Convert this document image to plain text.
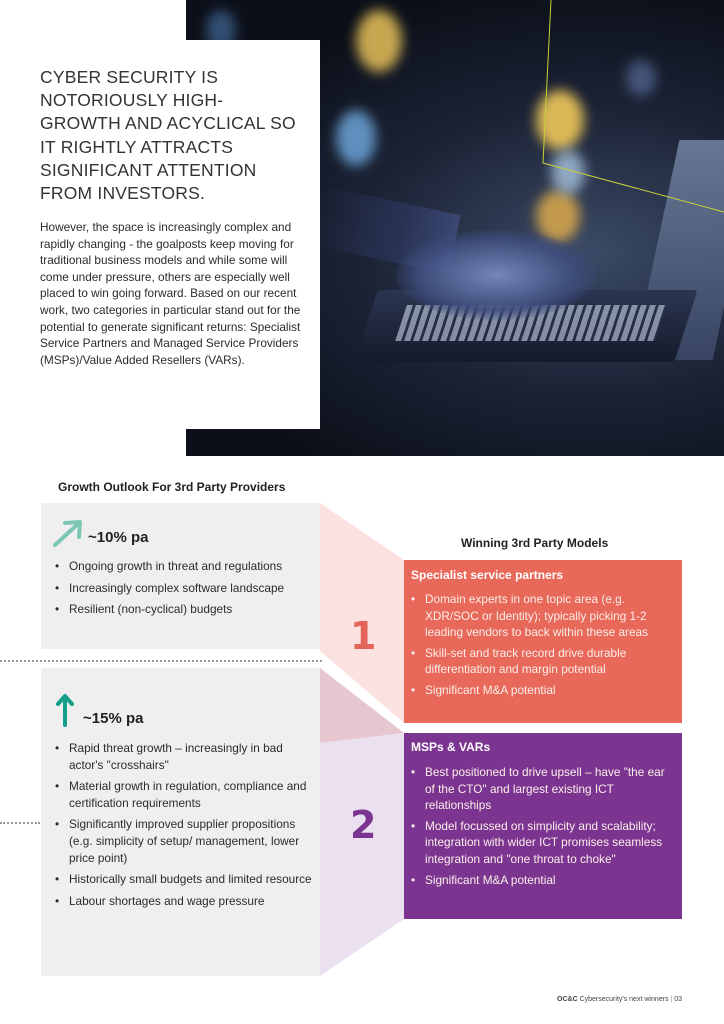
CYBER SECURITY IS NOTORIOUSLY HIGH-GROWTH AND ACYCLICAL SO IT RIGHTLY ATTRACTS SIGNIFICANT ATTENTION FROM INVESTORS.

However, the space is increasingly complex and rapidly changing - the goalposts keep moving for traditional business models and while some will come under pressure, others are especially well placed to win going forward. Based on our recent work, two categories in particular stand out for the potential to generate significant returns: Specialist Service Partners and Managed Service Providers (MSPs)/Value Added Resellers (VARs).

Growth Outlook For 3rd Party Providers
Winning 3rd Party Models
1
2
~10% pa
• Ongoing growth in threat and regulations
• Increasingly complex software landscape
• Resilient (non-cyclical) budgets
~15% pa
• Rapid threat growth – increasingly in bad actor's "crosshairs"
• Material growth in regulation, compliance and certification requirements
• Significantly improved supplier propositions (e.g. simplicity of setup/ management, lower price point)
• Historically small budgets and limited resource
• Labour shortages and wage pressure
Specialist service partners
• Domain experts in one topic area (e.g. XDR/SOC or Identity); typically picking 1-2 leading vendors to back within these areas
• Skill-set and track record drive durable differentiation and margin potential
• Significant M&A potential
MSPs & VARs
• Best positioned to drive upsell – have "the ear of the CTO" and largest existing ICT relationships
• Model focussed on simplicity and scalability; integration with wider ICT promises seamless integration and "one throat to choke"
• Significant M&A potential
OC&C Cybersecurity's next winners | 03
